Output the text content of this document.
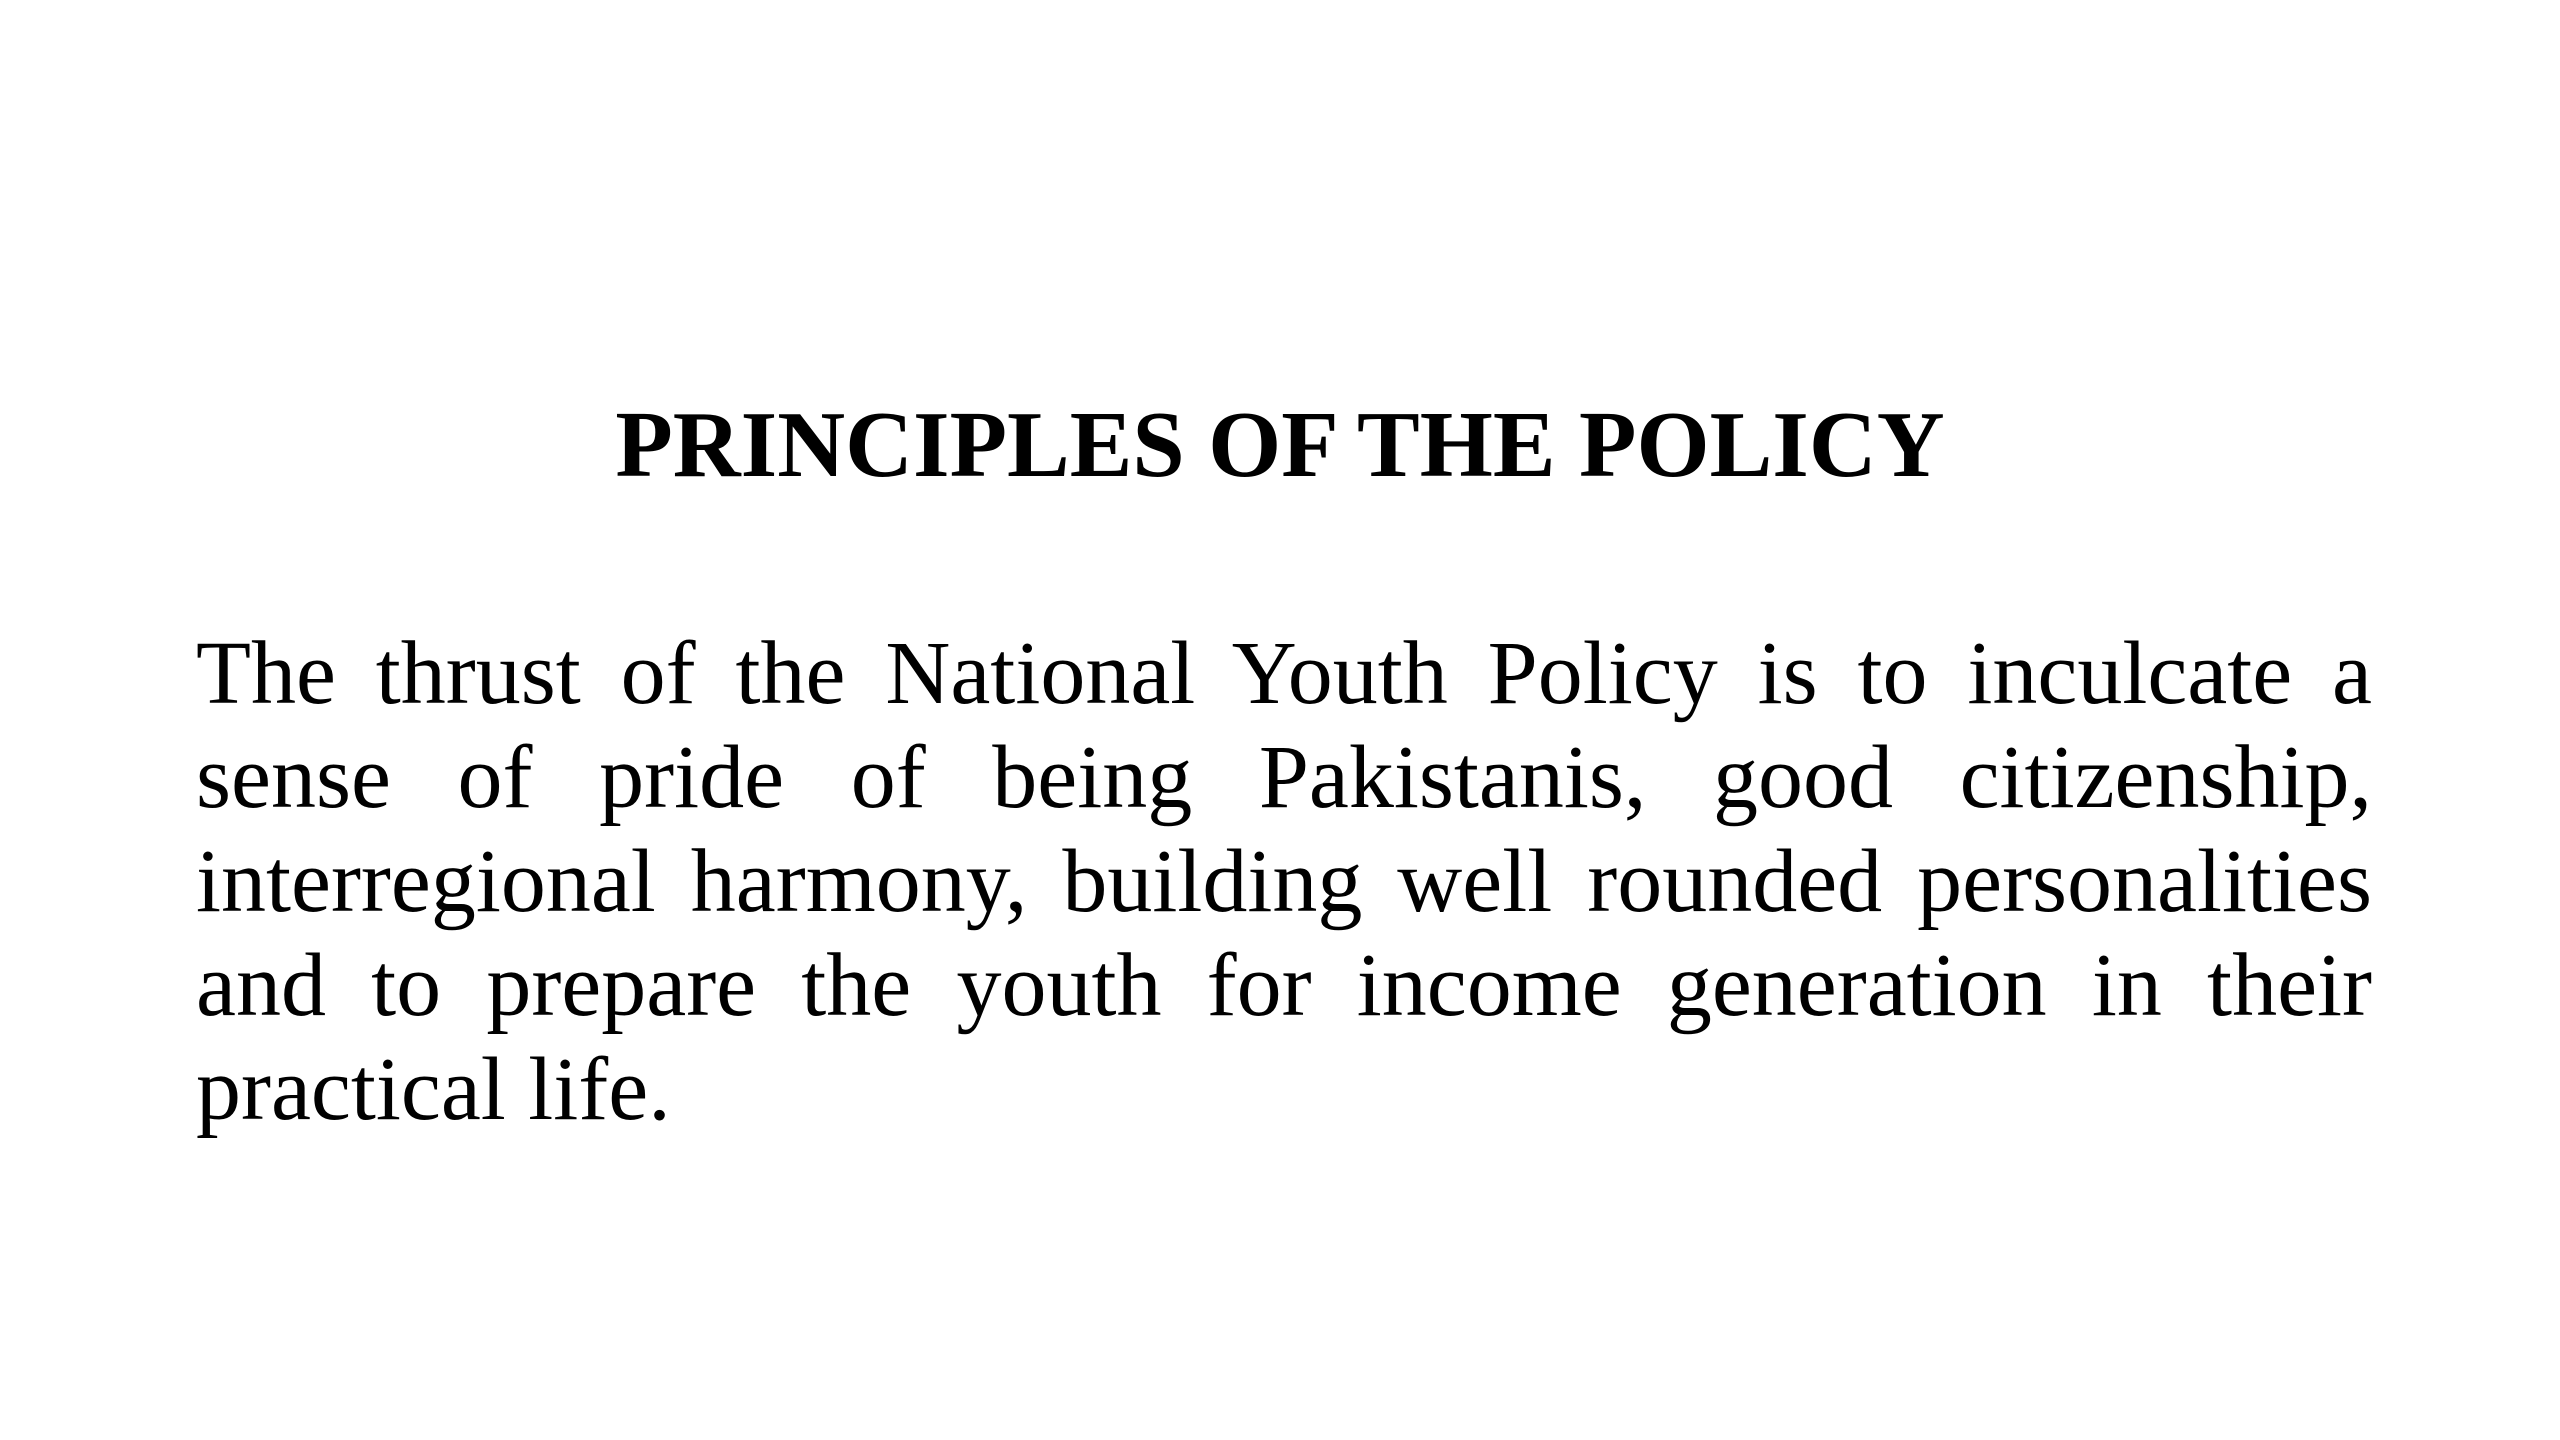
PRINCIPLES OF THE POLICY

The thrust of the National Youth Policy is to inculcate a sense of pride of being Pakistanis, good citizenship, interregional harmony, building well rounded personalities and to prepare the youth for income generation in their practical life.
